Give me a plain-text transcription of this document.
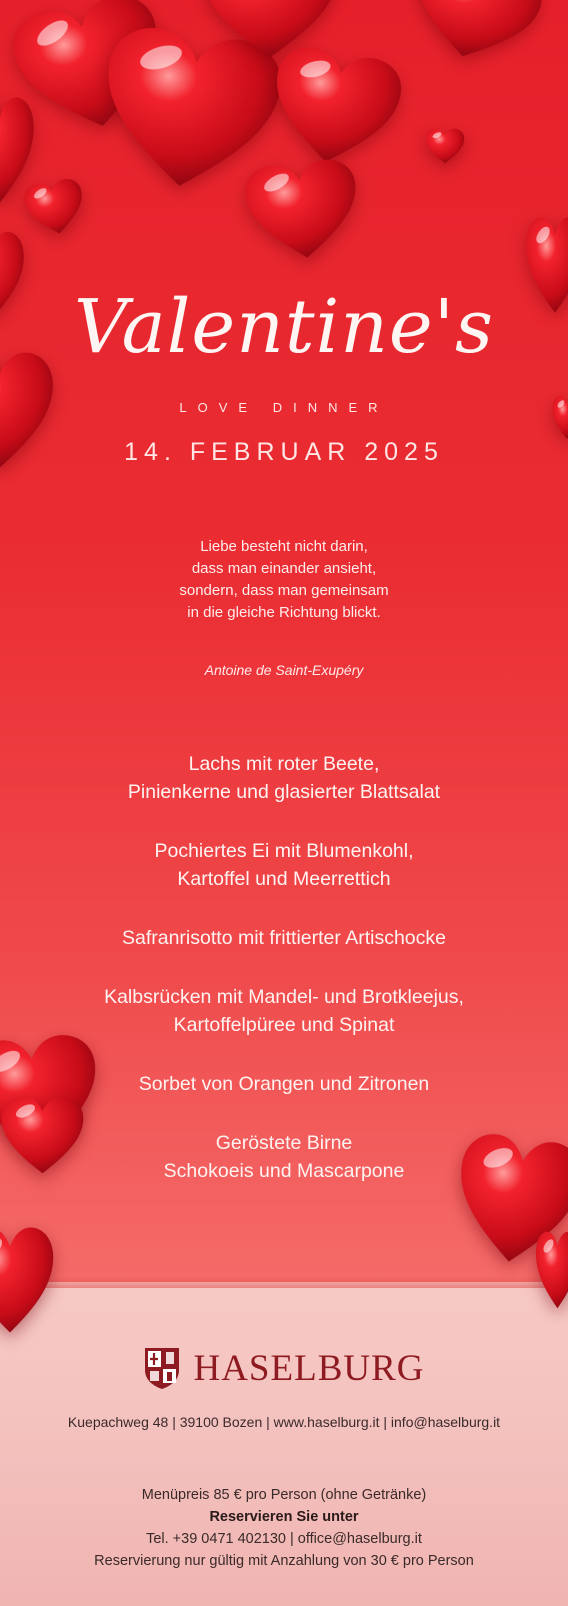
Valentine's
LOVE DINNER
14. FEBRUAR 2025
Liebe besteht nicht darin,
dass man einander ansieht,
sondern, dass man gemeinsam
in die gleiche Richtung blickt.
Antoine de Saint-Exupéry
Lachs mit roter Beete,
Pinienkerne und glasierter Blattsalat
Pochiertes Ei mit Blumenkohl,
Kartoffel und Meerrettich
Safranrisotto mit frittierter Artischocke
Kalbsrücken mit Mandel- und Brotkleejus,
Kartoffelpüree und Spinat
Sorbet von Orangen und Zitronen
Geröstete Birne
Schokoeis und Mascarpone
HASELBURG
Kuepachweg 48 | 39100 Bozen | www.haselburg.it | info@haselburg.it
Menüpreis 85 € pro Person (ohne Getränke)
Reservieren Sie unter
Tel. +39 0471 402130 | office@haselburg.it
Reservierung nur gültig mit Anzahlung von 30 € pro Person
